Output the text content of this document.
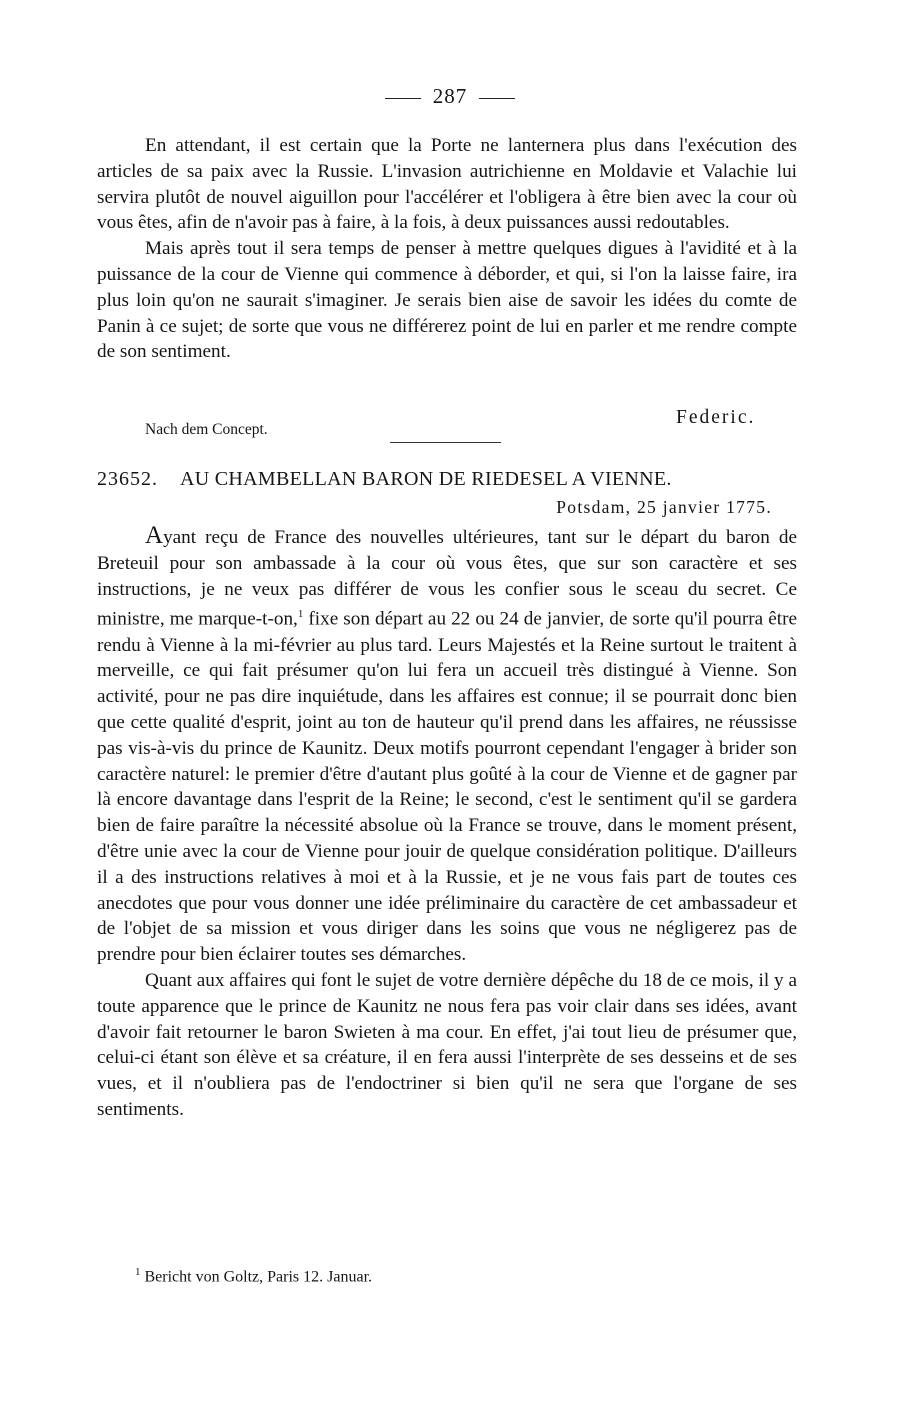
287

En attendant, il est certain que la Porte ne lanternera plus dans l'exécution des articles de sa paix avec la Russie. L'invasion autrichienne en Moldavie et Valachie lui servira plutôt de nouvel aiguillon pour l'accélérer et l'obligera à être bien avec la cour où vous êtes, afin de n'avoir pas à faire, à la fois, à deux puissances aussi redoutables.

Mais après tout il sera temps de penser à mettre quelques digues à l'avidité et à la puissance de la cour de Vienne qui commence à déborder, et qui, si l'on la laisse faire, ira plus loin qu'on ne saurait s'imaginer. Je serais bien aise de savoir les idées du comte de Panin à ce sujet; de sorte que vous ne différerez point de lui en parler et me rendre compte de son sentiment.

Federic.
Nach dem Concept.
23652. AU CHAMBELLAN BARON DE RIEDESEL A VIENNE.
Potsdam, 25 janvier 1775.

Ayant reçu de France des nouvelles ultérieures, tant sur le départ du baron de Breteuil pour son ambassade à la cour où vous êtes, que sur son caractère et ses instructions, je ne veux pas différer de vous les confier sous le sceau du secret. Ce ministre, me marque-t-on,$^1$ fixe son départ au 22 ou 24 de janvier, de sorte qu'il pourra être rendu à Vienne à la mi-février au plus tard. Leurs Majestés et la Reine surtout le traitent à merveille, ce qui fait présumer qu'on lui fera un accueil très distingué à Vienne. Son activité, pour ne pas dire inquiétude, dans les affaires est connue; il se pourrait donc bien que cette qualité d'esprit, joint au ton de hauteur qu'il prend dans les affaires, ne réussisse pas vis-à-vis du prince de Kaunitz. Deux motifs pourront cependant l'engager à brider son caractère naturel: le premier d'être d'autant plus goûté à la cour de Vienne et de gagner par là encore davantage dans l'esprit de la Reine; le second, c'est le sentiment qu'il se gardera bien de faire paraître la nécessité absolue où la France se trouve, dans le moment présent, d'être unie avec la cour de Vienne pour jouir de quelque considération politique. D'ailleurs il a des instructions relatives à moi et à la Russie, et je ne vous fais part de toutes ces anecdotes que pour vous donner une idée préliminaire du caractère de cet ambassadeur et de l'objet de sa mission et vous diriger dans les soins que vous ne négligerez pas de prendre pour bien éclairer toutes ses démarches.

Quant aux affaires qui font le sujet de votre dernière dépêche du 18 de ce mois, il y a toute apparence que le prince de Kaunitz ne nous fera pas voir clair dans ses idées, avant d'avoir fait retourner le baron Swieten à ma cour. En effet, j'ai tout lieu de présumer que, celui-ci étant son élève et sa créature, il en fera aussi l'interprète de ses desseins et de ses vues, et il n'oubliera pas de l'endoctriner si bien qu'il ne sera que l'organe de ses sentiments.

$^1$ Bericht von Goltz, Paris 12. Januar.
